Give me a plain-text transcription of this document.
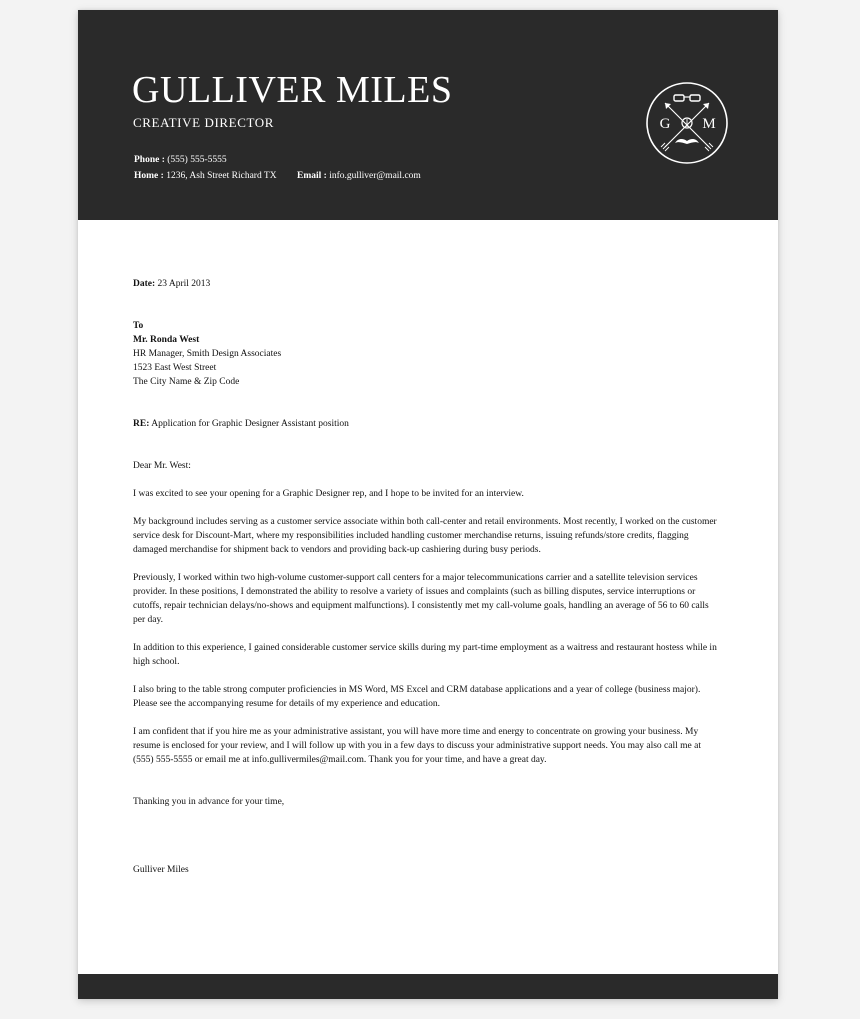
GULLIVER MILES
CREATIVE DIRECTOR
Phone : (555) 555-5555
Home : 1236, Ash Street Richard TX Email : info.gulliver@mail.com
G M

Date: 23 April 2013

To

Mr. Ronda West

HR Manager, Smith Design Associates

1523 East West Street

The City Name & Zip Code

RE: Application for Graphic Designer Assistant position

Dear Mr. West:

I was excited to see your opening for a Graphic Designer rep, and I hope to be invited for an interview.

My background includes serving as a customer service associate within both call-center and retail environments. Most recently, I worked on the customer service desk for Discount-Mart, where my responsibilities included handling customer merchandise returns, issuing refunds/store credits, flagging damaged merchandise for shipment back to vendors and providing back-up cashiering during busy periods.

Previously, I worked within two high-volume customer-support call centers for a major telecommunications carrier and a satellite television services provider. In these positions, I demonstrated the ability to resolve a variety of issues and complaints (such as billing disputes, service interruptions or cutoffs, repair technician delays/no-shows and equipment malfunctions). I consistently met my call-volume goals, handling an average of 56 to 60 calls per day.

In addition to this experience, I gained considerable customer service skills during my part-time employment as a waitress and restaurant hostess while in high school.

I also bring to the table strong computer proficiencies in MS Word, MS Excel and CRM database applications and a year of college (business major). Please see the accompanying resume for details of my experience and education.

I am confident that if you hire me as your administrative assistant, you will have more time and energy to concentrate on growing your business. My resume is enclosed for your review, and I will follow up with you in a few days to discuss your administrative support needs. You may also call me at (555) 555-5555 or email me at info.gullivermiles@mail.com. Thank you for your time, and have a great day.

Thanking you in advance for your time,

Gulliver Miles
